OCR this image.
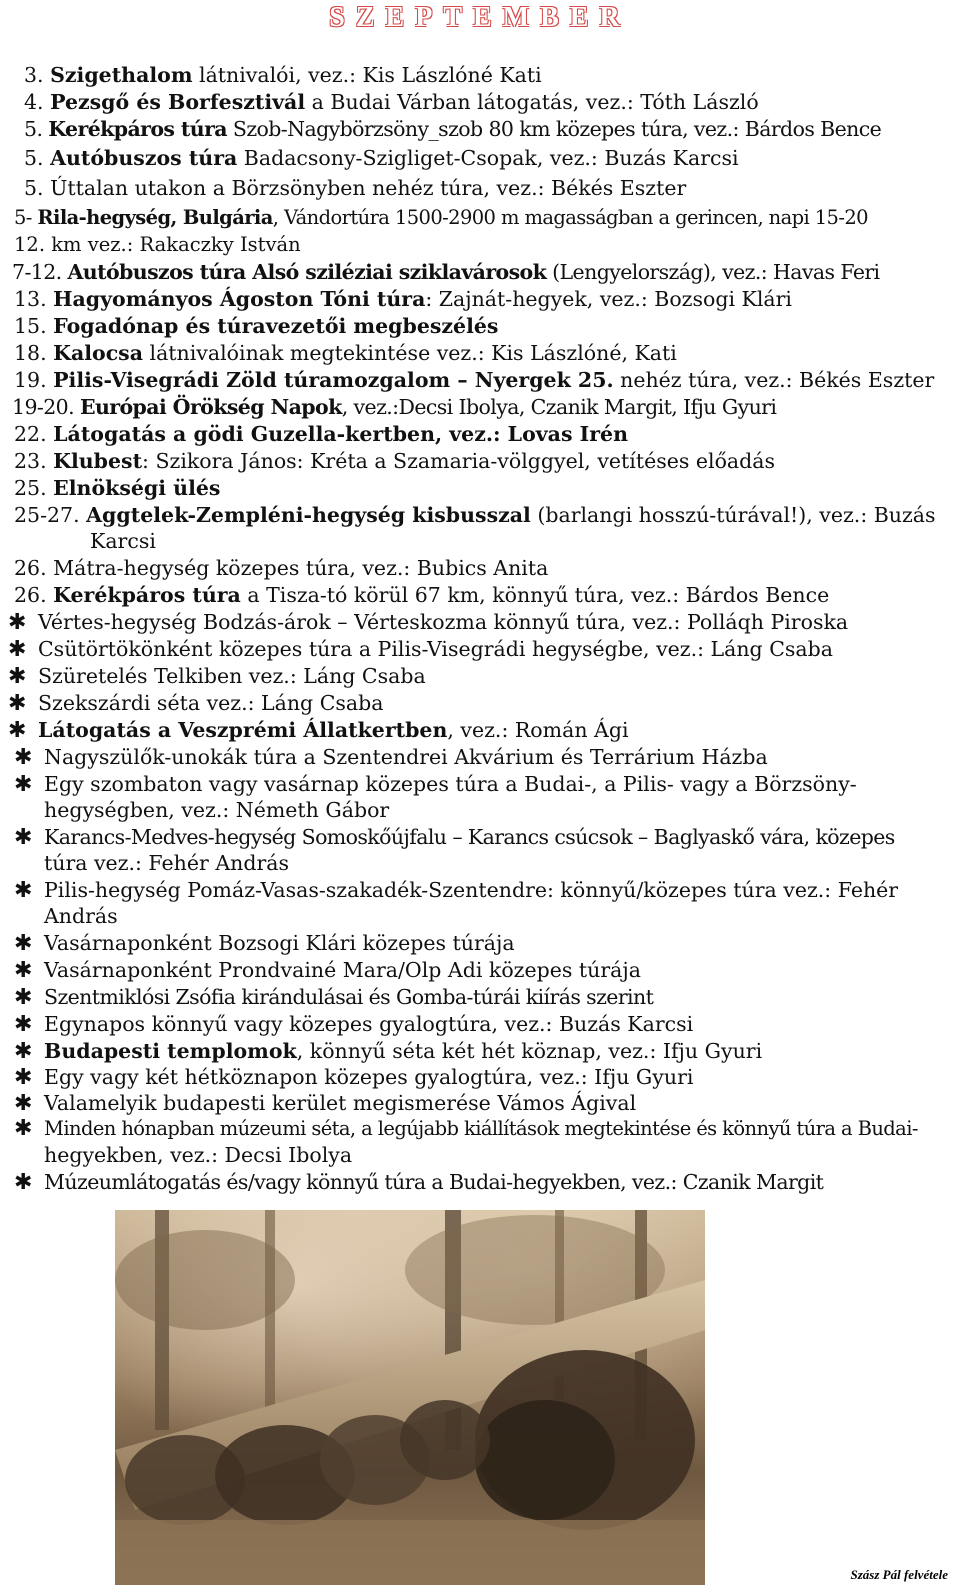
SZEPTEMBER
3. Szigethalom látnivalói, vez.: Kis Lászlóné Kati
4. Pezsgő és Borfesztivál a Budai Várban látogatás, vez.: Tóth László
5. Kerékpáros túra Szob-Nagybörzsöny_szob 80 km közepes túra, vez.: Bárdos Bence
5. Autóbuszos túra Badacsony-Szigliget-Csopak, vez.: Buzás Karcsi
5. Úttalan utakon a Börzsönyben nehéz túra, vez.: Békés Eszter
5- Rila-hegység, Bulgária, Vándortúra 1500-2900 m magasságban a gerincen, napi 15-20
12. km vez.: Rakaczky István
7-12. Autóbuszos túra Alsó sziléziai sziklavárosok (Lengyelország), vez.: Havas Feri
13. Hagyományos Ágoston Tóni túra: Zajnát-hegyek, vez.: Bozsogi Klári
15. Fogadónap és túravezetői megbeszélés
18. Kalocsa látnivalóinak megtekintése vez.: Kis Lászlóné, Kati
19. Pilis-Visegrádi Zöld túramozgalom – Nyergek 25. nehéz túra, vez.: Békés Eszter
19-20. Európai Örökség Napok, vez.:Decsi Ibolya, Czanik Margit, Ifju Gyuri
22. Látogatás a gödi Guzella-kertben, vez.: Lovas Irén
23. Klubest: Szikora János: Kréta a Szamaria-völggyel, vetítéses előadás
25. Elnökségi ülés
25-27. Aggtelek-Zempléni-hegység kisbusszal (barlangi hosszú-túrával!), vez.: Buzás
Karcsi
26. Mátra-hegység közepes túra, vez.: Bubics Anita
26. Kerékpáros túra a Tisza-tó körül 67 km, könnyű túra, vez.: Bárdos Bence
✱ Vértes-hegység Bodzás-árok – Vérteskozma könnyű túra, vez.: Polláqh Piroska
✱ Csütörtökönként közepes túra a Pilis-Visegrádi hegységbe, vez.: Láng Csaba
✱ Szüretelés Telkiben vez.: Láng Csaba
✱ Szekszárdi séta vez.: Láng Csaba
✱ Látogatás a Veszprémi Állatkertben, vez.: Román Ági
✱ Nagyszülők-unokák túra a Szentendrei Akvárium és Terrárium Házba
✱ Egy szombaton vagy vasárnap közepes túra a Budai-, a Pilis- vagy a Börzsöny-
hegységben, vez.: Németh Gábor
✱ Karancs-Medves-hegység Somoskőújfalu – Karancs csúcsok – Baglyaskő vára, közepes
túra vez.: Fehér András
✱ Pilis-hegység Pomáz-Vasas-szakadék-Szentendre: könnyű/közepes túra vez.: Fehér
András
✱ Vasárnaponként Bozsogi Klári közepes túrája
✱ Vasárnaponként Prondvainé Mara/Olp Adi közepes túrája
✱ Szentmiklósi Zsófia kirándulásai és Gomba-túrái kiírás szerint
✱ Egynapos könnyű vagy közepes gyalogtúra, vez.: Buzás Karcsi
✱ Budapesti templomok, könnyű séta két hét köznap, vez.: Ifju Gyuri
✱ Egy vagy két hétköznapon közepes gyalogtúra, vez.: Ifju Gyuri
✱ Valamelyik budapesti kerület megismerése Vámos Ágival
✱ Minden hónapban múzeumi séta, a legújabb kiállítások megtekintése és könnyű túra a Budai-
hegyekben, vez.: Decsi Ibolya
✱ Múzeumlátogatás és/vagy könnyű túra a Budai-hegyekben, vez.: Czanik Margit
Szász Pál felvétele
